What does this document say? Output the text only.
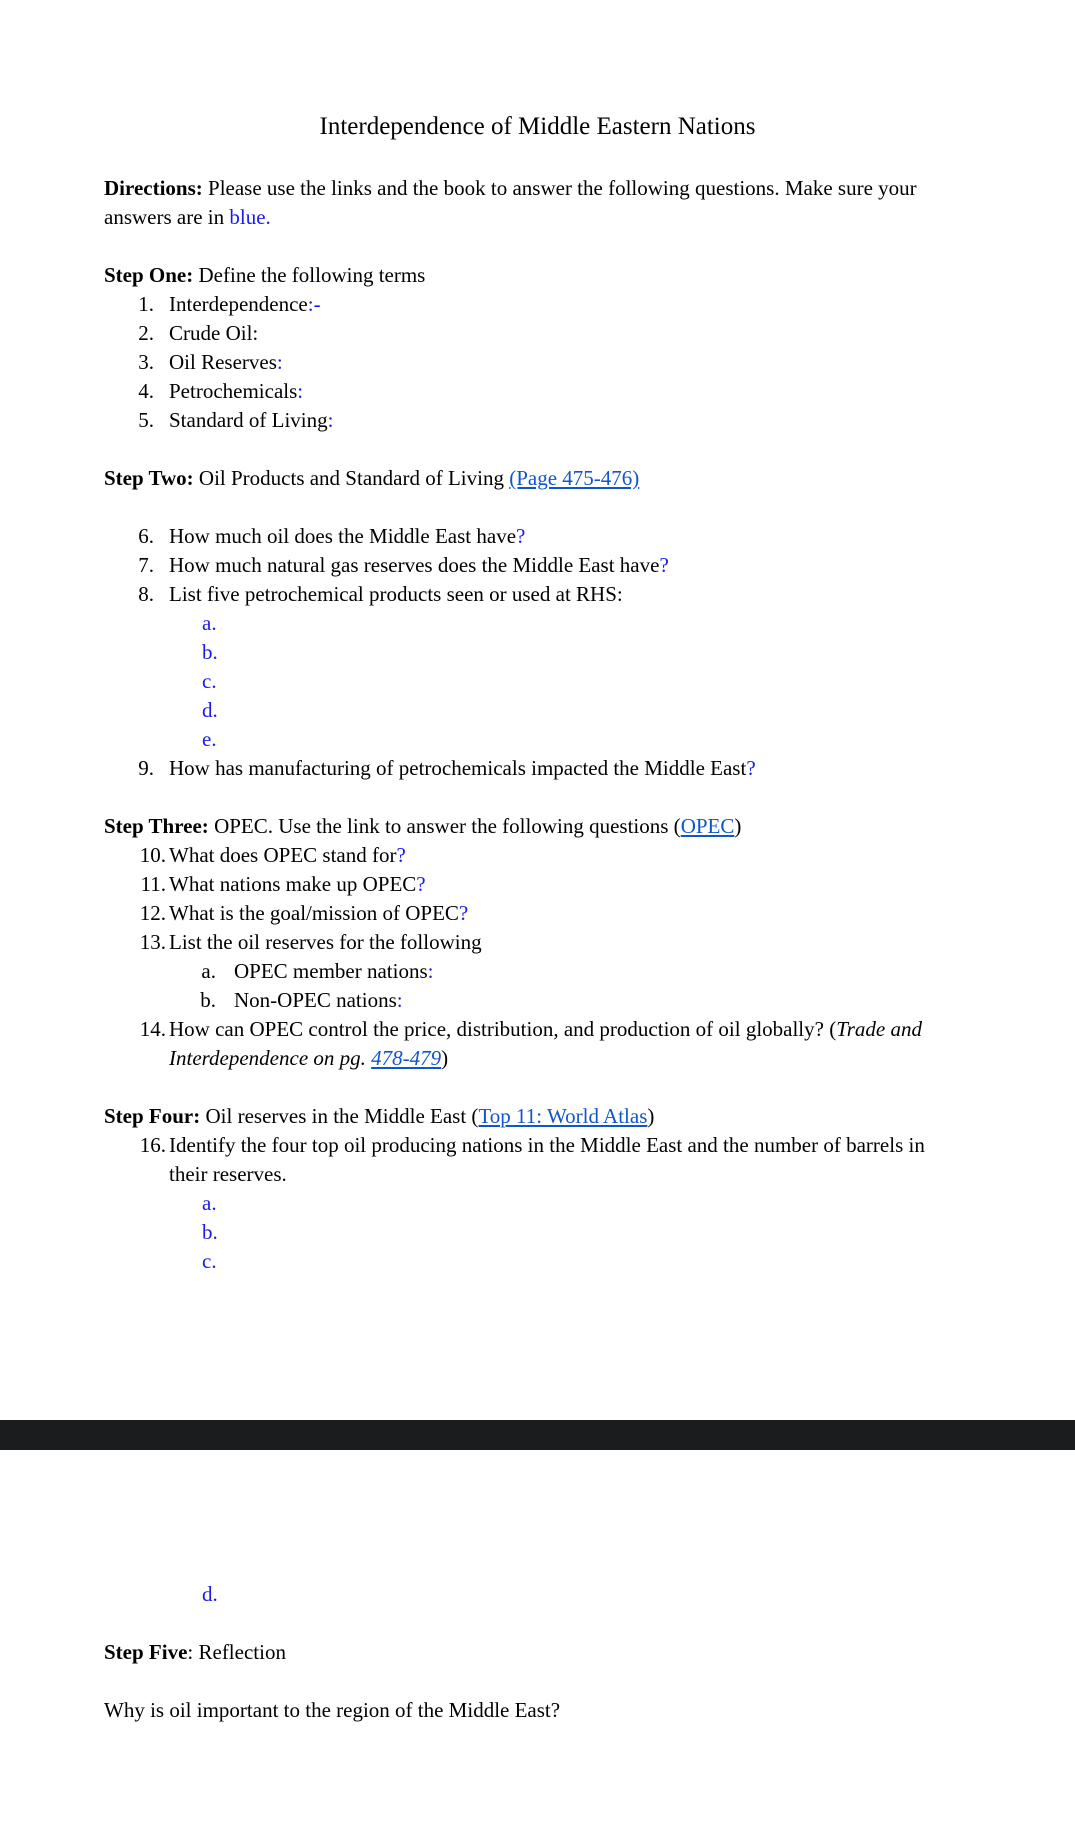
Interdependence of Middle Eastern Nations

Directions: Please use the links and the book to answer the following questions. Make sure your

answers are in blue.

Step One: Define the following terms

1. Interdependence:-

2. Crude Oil:

3. Oil Reserves:

4. Petrochemicals:

5. Standard of Living:

Step Two: Oil Products and Standard of Living (Page 475-476)

6. How much oil does the Middle East have?

7. How much natural gas reserves does the Middle East have?

8. List five petrochemical products seen or used at RHS:

a.

b.

c.

d.

e.

9. How has manufacturing of petrochemicals impacted the Middle East?

Step Three: OPEC. Use the link to answer the following questions (OPEC)

10. What does OPEC stand for?

11. What nations make up OPEC?

12. What is the goal/mission of OPEC?

13. List the oil reserves for the following

a. OPEC member nations:

b. Non-OPEC nations:

14. How can OPEC control the price, distribution, and production of oil globally? (Trade and

Interdependence on pg. 478-479)

Step Four: Oil reserves in the Middle East (Top 11: World Atlas)

16. Identify the four top oil producing nations in the Middle East and the number of barrels in

their reserves.

a.

b.

c.

d.

Step Five: Reflection

Why is oil important to the region of the Middle East?
